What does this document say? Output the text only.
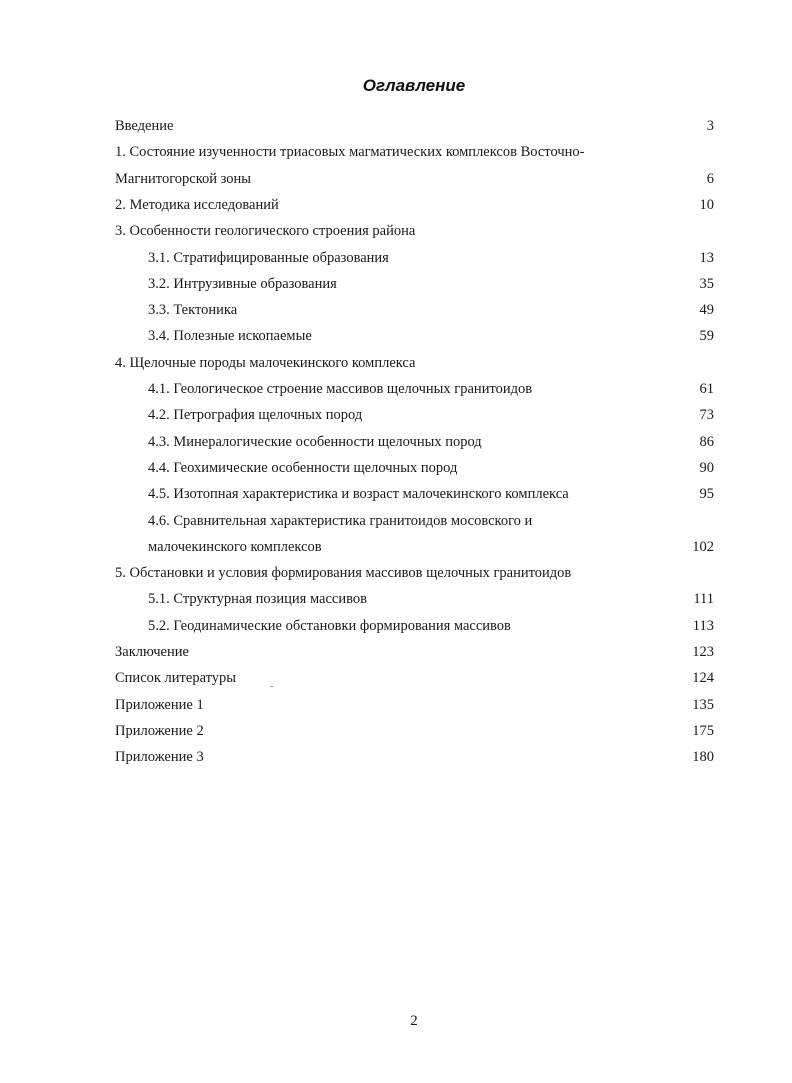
Оглавление
Введение	3
1. Состояние изученности триасовых магматических комплексов Восточно-
Магнитогорской зоны	6
2. Методика исследований	10
3. Особенности геологического строения района
3.1. Стратифицированные образования	13
3.2. Интрузивные образования	35
3.3. Тектоника	49
3.4. Полезные ископаемые	59
4. Щелочные породы малочекинского комплекса
4.1. Геологическое строение массивов щелочных гранитоидов	61
4.2. Петрография щелочных пород	73
4.3. Минералогические особенности щелочных пород	86
4.4. Геохимические особенности щелочных пород	90
4.5. Изотопная характеристика и возраст малочекинского комплекса	95
4.6. Сравнительная характеристика гранитоидов мосовского и
малочекинского комплексов	102
5. Обстановки и условия формирования массивов щелочных гранитоидов
5.1. Структурная позиция массивов	111
5.2. Геодинамические обстановки формирования массивов	113
Заключение	123
Список литературы	124
Приложение 1	135
Приложение 2	175
Приложение 3	180
2
